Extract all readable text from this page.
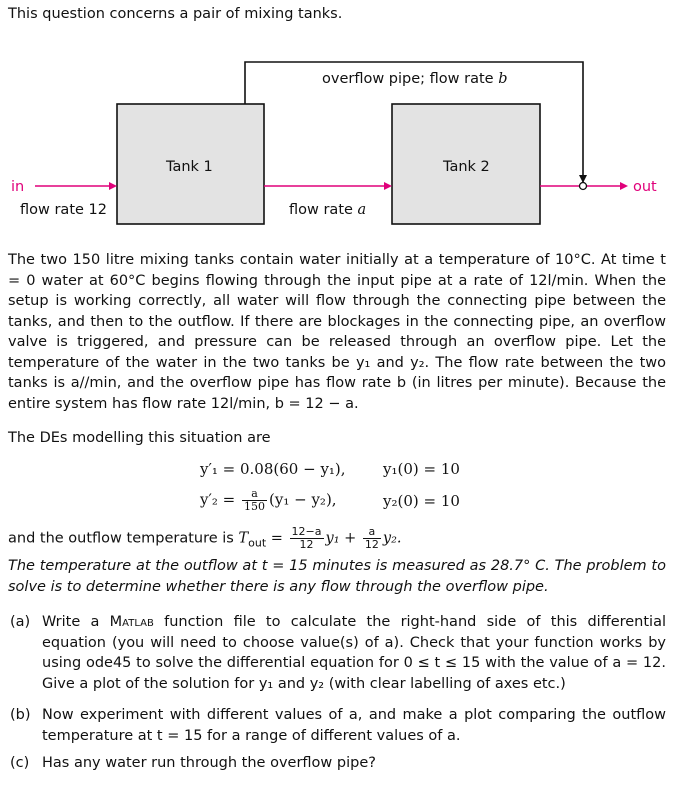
This question concerns a pair of mixing tanks.
overflow pipe; flow rate b
Tank 1	Tank 2
in
flow rate 12	flow rate a
out
The two 150 litre mixing tanks contain water initially at a temperature of 10°C. At time t = 0 water at 60°C begins flowing through the input pipe at a rate of 12l/min. When the setup is working correctly, all water will flow through the connecting pipe between the tanks, and then to the outflow. If there are blockages in the connecting pipe, an overflow valve is triggered, and pressure can be released through an overflow pipe. Let the temperature of the water in the two tanks be y₁ and y₂. The flow rate between the two tanks is a//min, and the overflow pipe has flow rate b (in litres per minute). Because the entire system has flow rate 12l/min, b = 12 − a.
The DEs modelling this situation are
y′₁ = 0.08(60 − y₁), y₁(0) = 10
$y'_2 = \frac{a}{150} (y_1 - y_2)$,	y₂(0) = 10
and the outflow temperature is $T_{out} = \frac{12-a}{12} y_1 + \frac{a}{12} y_2$.
The temperature at the outflow at t = 15 minutes is measured as 28.7° C. The problem to solve is to determine whether there is any flow through the overflow pipe.
(a) Write a Matlab function file to calculate the right-hand side of this differential equation (you will need to choose value(s) of a). Check that your function works by using ode45 to solve the differential equation for 0 ≤ t ≤ 15 with the value of a = 12. Give a plot of the solution for y₁ and y₂ (with clear labelling of axes etc.)
(b) Now experiment with different values of a, and make a plot comparing the outflow temperature at t = 15 for a range of different values of a.
(c) Has any water run through the overflow pipe?
